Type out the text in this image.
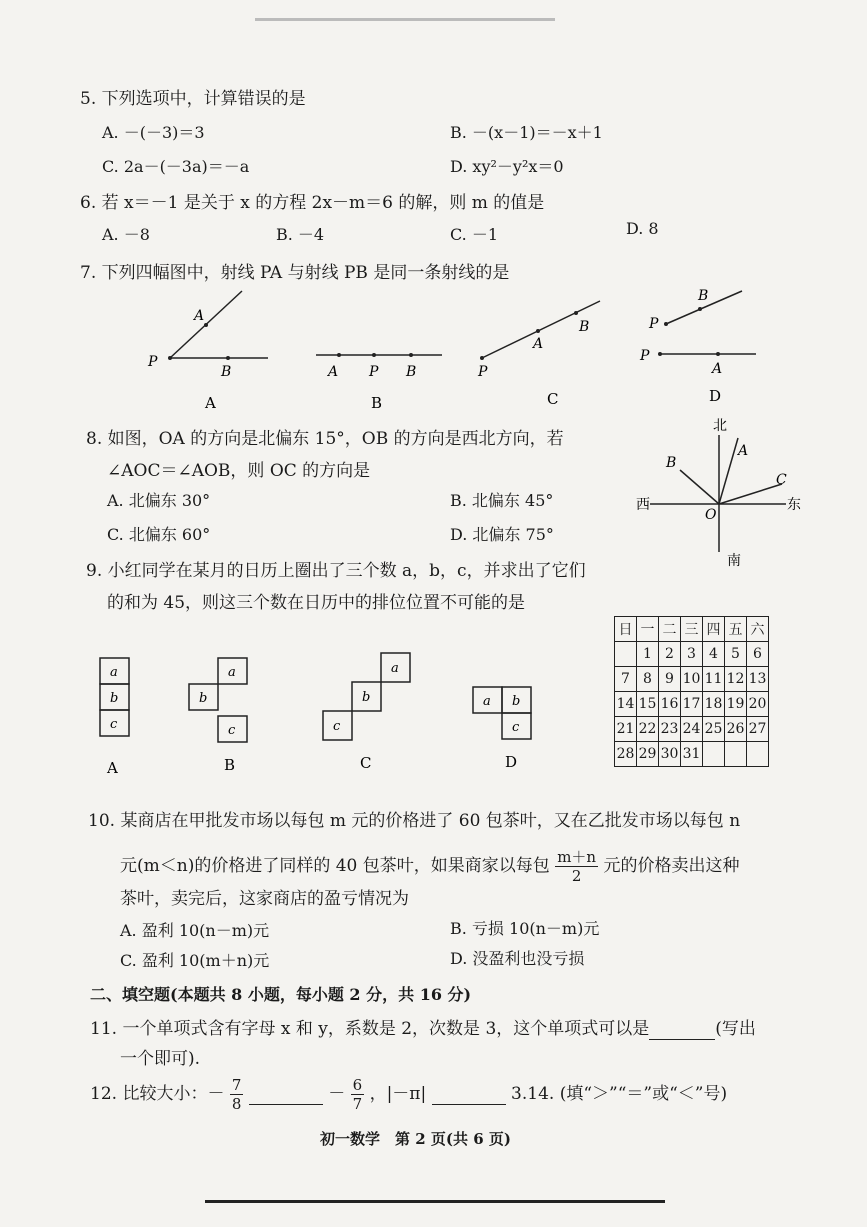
5. 下列选项中，计算错误的是
A. －(－3)＝3	B. －(x－1)＝－x＋1
C. 2a－(－3a)＝－a	D. xy²－y²x＝0
6. 若 x＝－1 是关于 x 的方程 2x－m＝6 的解，则 m 的值是
A. －8	B. －4	C. －1	D. 8
7. 下列四幅图中，射线 PA 与射线 PB 是同一条射线的是
P
A
B
A
A P B
B
P
A
B
C
P
B
P
A
D
8. 如图，OA 的方向是北偏东 15°，OB 的方向是西北方向，若
∠AOC＝∠AOB，则 OC 的方向是
A. 北偏东 30°	B. 北偏东 45°
C. 北偏东 60°	D. 北偏东 75°
北
南
东
西
O
A
B
C
9. 小红同学在某月的日历上圈出了三个数 a，b，c，并求出了它们
的和为 45，则这三个数在日历中的排位位置不可能的是
a
b
c
a
b
c
a
b
c
a b
c
A	B	C	D
日	一	二	三	四	五	六
	1	2	3	4	5	6
7	8	9	10	11	12	13
14	15	16	17	18	19	20
21	22	23	24	25	26	27
28	29	30	31			
10. 某商店在甲批发市场以每包 m 元的价格进了 60 包茶叶，又在乙批发市场以每包 n
元(m＜n)的价格进了同样的 40 包茶叶，如果商家以每包 $\frac{m+n}{2}$ 元的价格卖出这种
茶叶，卖完后，这家商店的盈亏情况为
A. 盈利 10(n－m)元	B. 亏损 10(n－m)元
C. 盈利 10(m＋n)元	D. 没盈利也没亏损
二、填空题(本题共 8 小题，每小题 2 分，共 16 分)
11. 一个单项式含有字母 x 和 y，系数是 2，次数是 3，这个单项式可以是	(写出
一个即可).
12. 比较大小：－ $\frac{7}{8}$	－ $\frac{6}{7}$ ，|－π|	3.14. (填“＞”“＝”或“＜”号)
初一数学　第 2 页(共 6 页)
